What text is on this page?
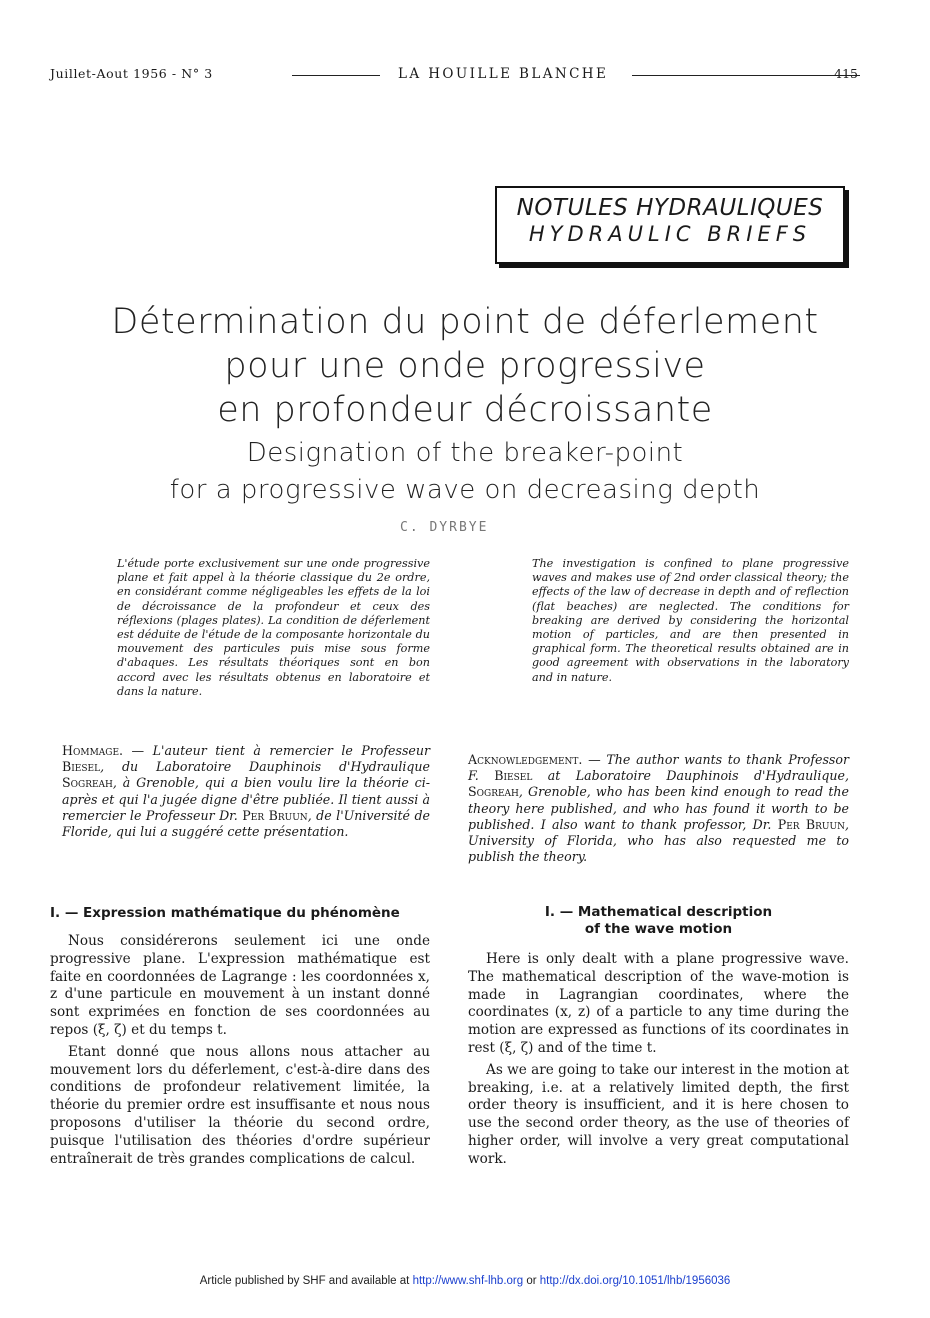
Juillet-Aout 1956 - N° 3	LA HOUILLE BLANCHE	415
NOTULES HYDRAULIQUES
HYDRAULIC BRIEFS
Détermination du point de déferlement
pour une onde progressive
en profondeur décroissante
Designation of the breaker-point
for a progressive wave on decreasing depth
C. DYRBYE
L'étude porte exclusivement sur une onde progressive plane et fait appel à la théorie classique du 2e ordre, en considérant comme négligeables les effets de la loi de décroissance de la profondeur et ceux des réflexions (plages plates). La condition de déferlement est déduite de l'étude de la composante horizontale du mouvement des particules puis mise sous forme d'abaques. Les résultats théoriques sont en bon accord avec les résultats obtenus en laboratoire et dans la nature.
The investigation is confined to plane progressive waves and makes use of 2nd order classical theory; the effects of the law of decrease in depth and of reflection (flat beaches) are neglected. The conditions for breaking are derived by considering the horizontal motion of particles, and are then presented in graphical form. The theoretical results obtained are in good agreement with observations in the laboratory and in nature.
Hommage. — L'auteur tient à remercier le Professeur Biesel, du Laboratoire Dauphinois d'Hydraulique Sogreah, à Grenoble, qui a bien voulu lire la théorie ci-après et qui l'a jugée digne d'être publiée. Il tient aussi à remercier le Professeur Dr. Per Bruun, de l'Université de Floride, qui lui a suggéré cette présentation.
Acknowledgement. — The author wants to thank Professor F. Biesel at Laboratoire Dauphinois d'Hydraulique, Sogreah, Grenoble, who has been kind enough to read the theory here published, and who has found it worth to be published. I also want to thank professor, Dr. Per Bruun, University of Florida, who has also requested me to publish the theory.
I. — Expression mathématique du phénomène	I. — Mathematical description
of the wave motion

Nous considérerons seulement ici une onde progressive plane. L'expression mathématique est faite en coordonnées de Lagrange : les coordonnées x, z d'une particule en mouvement à un instant donné sont exprimées en fonction de ses coordonnées au repos (ξ, ζ) et du temps t.

Etant donné que nous allons nous attacher au mouvement lors du déferlement, c'est-à-dire dans des conditions de profondeur relativement limitée, la théorie du premier ordre est insuffisante et nous nous proposons d'utiliser la théorie du second ordre, puisque l'utilisation des théories d'ordre supérieur entraînerait de très grandes complications de calcul.

Here is only dealt with a plane progressive wave. The mathematical description of the wave-motion is made in Lagrangian coordinates, where the coordinates (x, z) of a particle to any time during the motion are expressed as functions of its coordinates in rest (ξ, ζ) and of the time t.

As we are going to take our interest in the motion at breaking, i.e. at a relatively limited depth, the first order theory is insufficient, and it is here chosen to use the second order theory, as the use of theories of higher order, will involve a very great computational work.

Article published by SHF and available at http://www.shf-lhb.org or http://dx.doi.org/10.1051/lhb/1956036
